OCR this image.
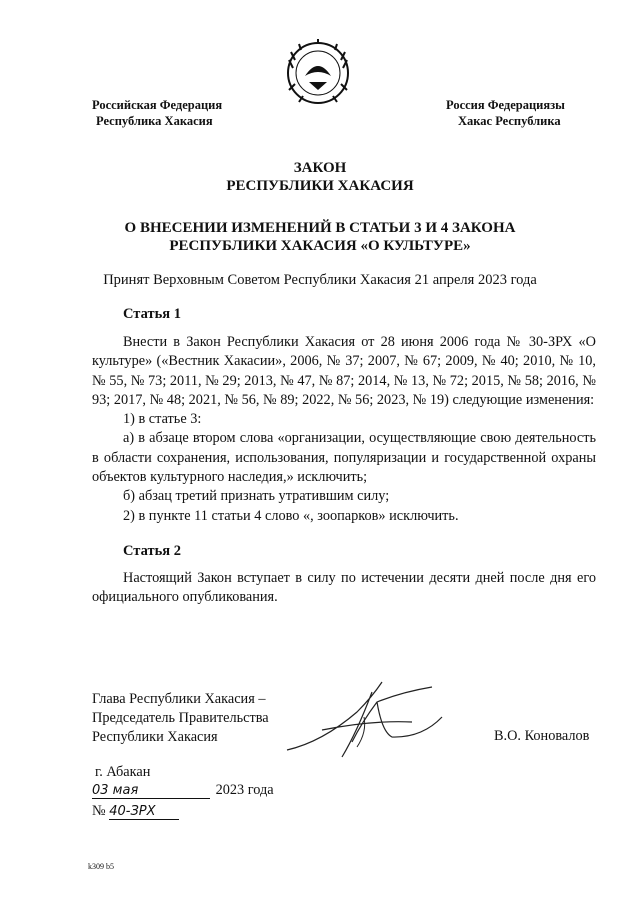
Российская Федерация
Республика Хакасия
Россия Федерациязы
Хакас Республика
ЗАКОН
РЕСПУБЛИКИ ХАКАСИЯ
О ВНЕСЕНИИ ИЗМЕНЕНИЙ В СТАТЬИ 3 И 4 ЗАКОНА
РЕСПУБЛИКИ ХАКАСИЯ «О КУЛЬТУРЕ»
Принят Верховным Советом Республики Хакасия 21 апреля 2023 года
Статья 1

Внести в Закон Республики Хакасия от 28 июня 2006 года № 30-ЗРХ «О культуре» («Вестник Хакасии», 2006, № 37; 2007, № 67; 2009, № 40; 2010, № 10, № 55, № 73; 2011, № 29; 2013, № 47, № 87; 2014, № 13, № 72; 2015, № 58; 2016, № 93; 2017, № 48; 2021, № 56, № 89; 2022, № 56; 2023, № 19) следующие изменения:

1) в статье 3:

а) в абзаце втором слова «организации, осуществляющие свою деятельность в области сохранения, использования, популяризации и государственной охраны объектов культурного наследия,» исключить;

б) абзац третий признать утратившим силу;

2) в пункте 11 статьи 4 слово «, зоопарков» исключить.

Статья 2

Настоящий Закон вступает в силу по истечении десяти дней после дня его официального опубликования.

Глава Республики Хакасия –
Председатель Правительства
Республики Хакасия	В.О. Коновалов
г. Абакан
03 мая	2023 года
№ 40-ЗРХ
k309 b5
